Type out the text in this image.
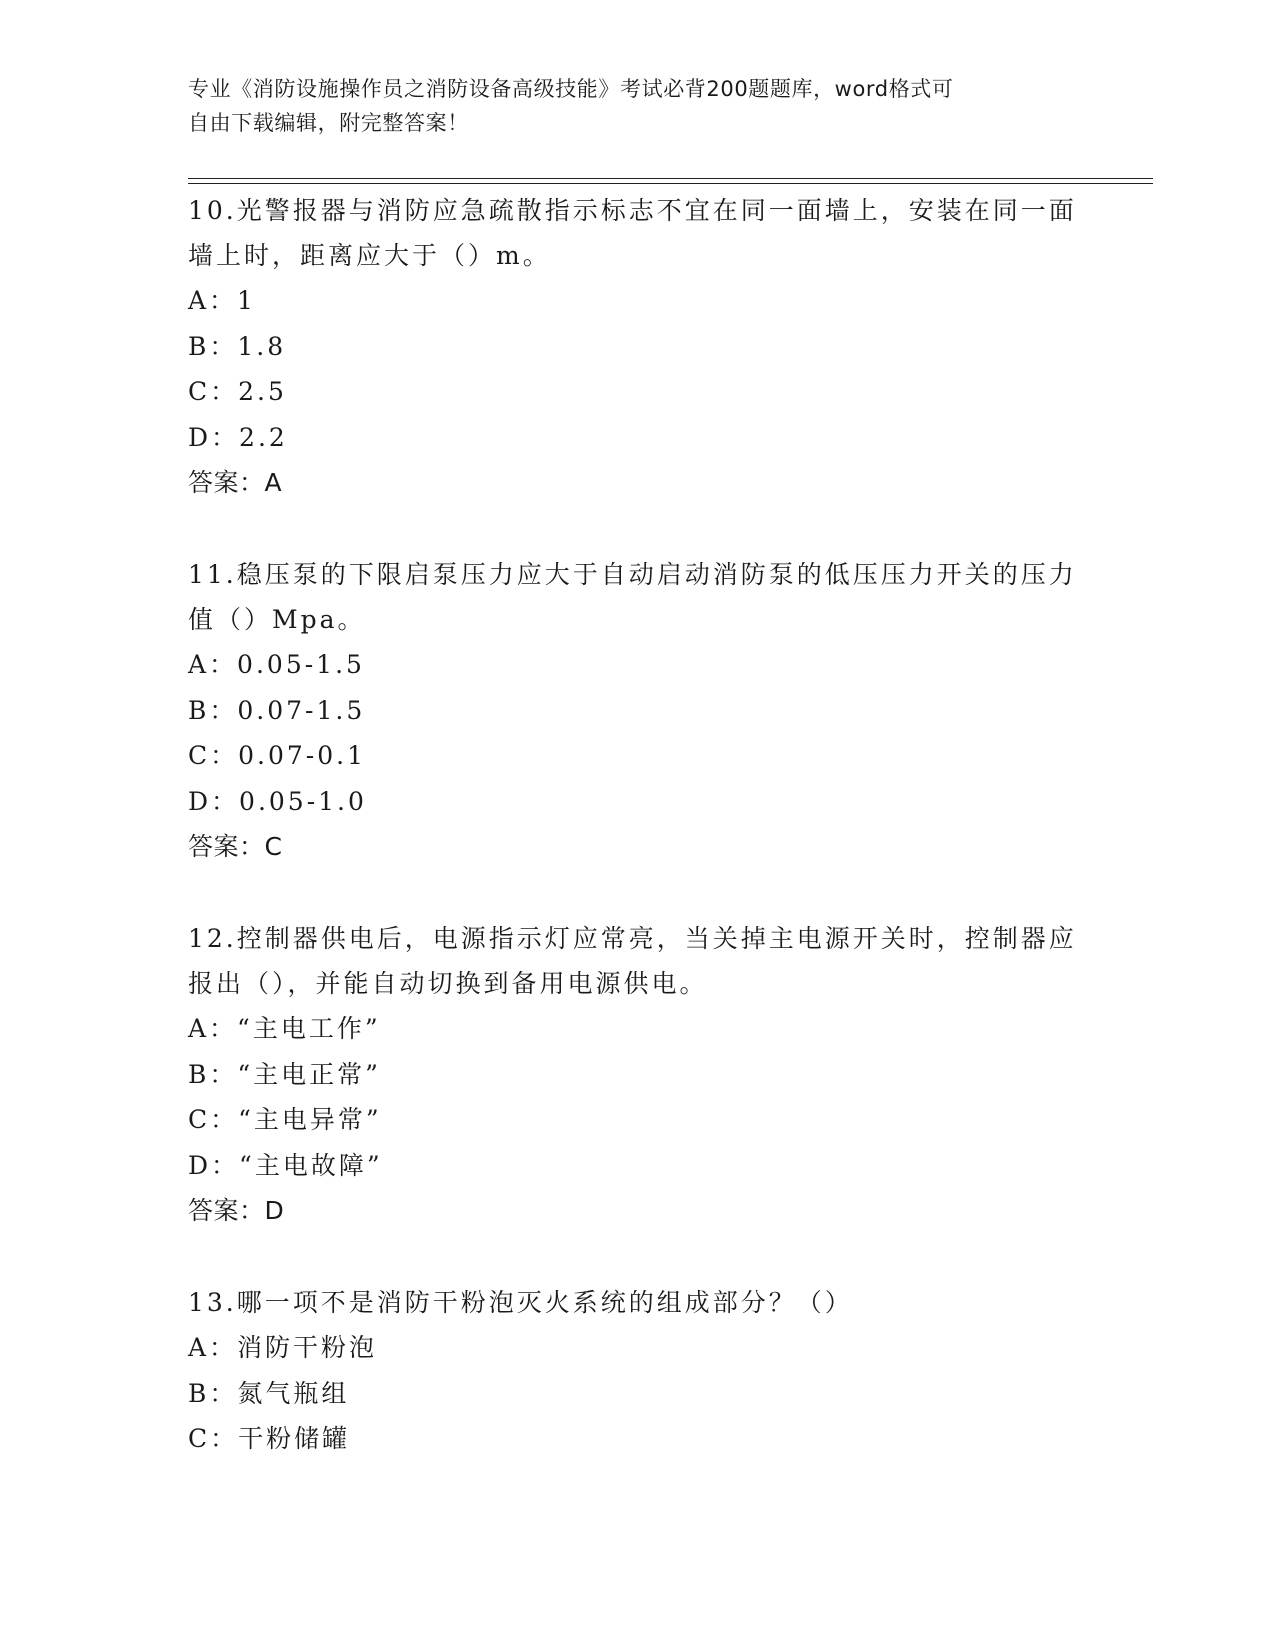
专业《消防设施操作员之消防设备高级技能》考试必背200题题库，word格式可
自由下载编辑，附完整答案！
10.光警报器与消防应急疏散指示标志不宜在同一面墙上，安装在同一面墙上时，距离应大于（）m。
A：1
B：1.8
C：2.5
D：2.2
答案：A
11.稳压泵的下限启泵压力应大于自动启动消防泵的低压压力开关的压力值（）Mpa。
A：0.05-1.5
B：0.07-1.5
C：0.07-0.1
D：0.05-1.0
答案：C
12.控制器供电后，电源指示灯应常亮，当关掉主电源开关时，控制器应报出（），并能自动切换到备用电源供电。
A：“主电工作”
B：“主电正常”
C：“主电异常”
D：“主电故障”
答案：D
13.哪一项不是消防干粉泡灭火系统的组成部分？（）
A：消防干粉泡
B：氮气瓶组
C：干粉储罐
